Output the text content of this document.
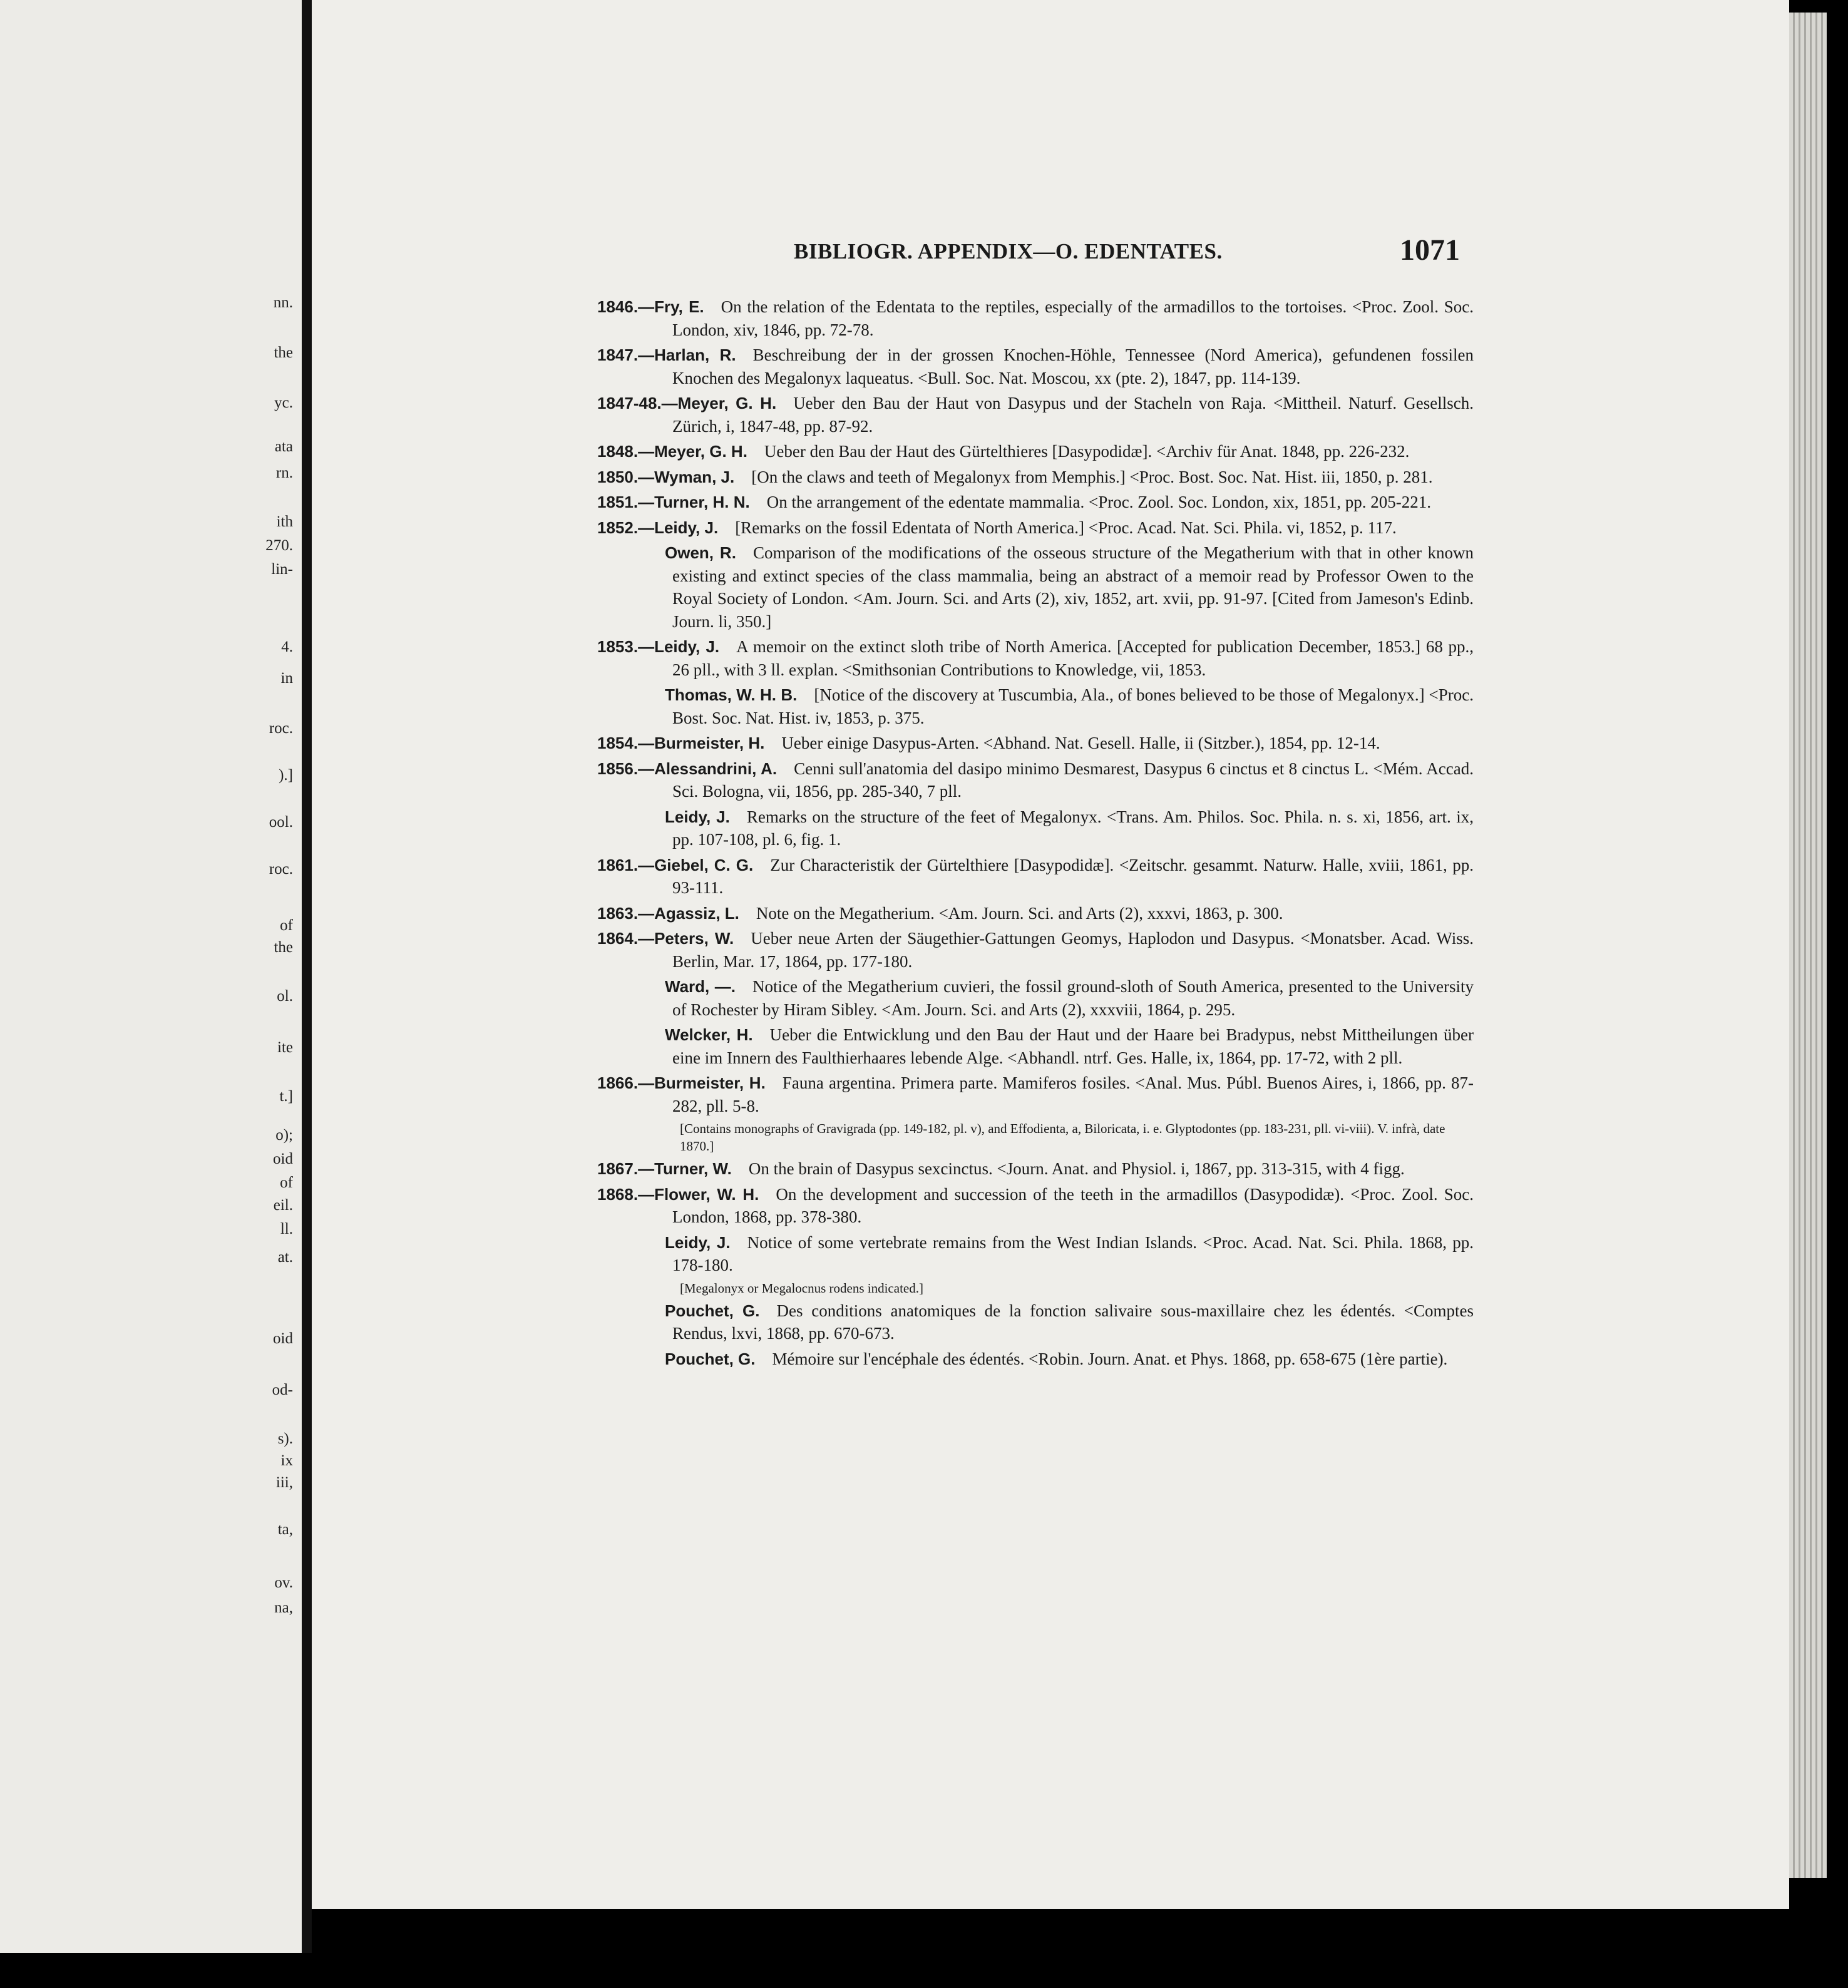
nn.
the
yc.
ata
rn.
ith
270.
lin-
4.
in
roc.
).]
ool.
roc.
of
the
ol.
ite
t.]
o);
oid
of
eil.
ll.
at.
oid
od-
s).
ix
iii,
ta,
ov.
na,
BIBLIOGR. APPENDIX—O. EDENTATES.	1071
1846.—Fry, E.  On the relation of the Edentata to the reptiles, especially of the armadillos to the tortoises. <Proc. Zool. Soc. London, xiv, 1846, pp. 72-78.
1847.—Harlan, R.  Beschreibung der in der grossen Knochen-Höhle, Tennessee (Nord America), gefundenen fossilen Knochen des Megalonyx laqueatus. <Bull. Soc. Nat. Moscou, xx (pte. 2), 1847, pp. 114-139.
1847-48.—Meyer, G. H.  Ueber den Bau der Haut von Dasypus und der Stacheln von Raja. <Mittheil. Naturf. Gesellsch. Zürich, i, 1847-48, pp. 87-92.
1848.—Meyer, G. H.  Ueber den Bau der Haut des Gürtelthieres [Dasypodidæ]. <Archiv für Anat. 1848, pp. 226-232.
1850.—Wyman, J.  [On the claws and teeth of Megalonyx from Memphis.] <Proc. Bost. Soc. Nat. Hist. iii, 1850, p. 281.
1851.—Turner, H. N.  On the arrangement of the edentate mammalia. <Proc. Zool. Soc. London, xix, 1851, pp. 205-221.
1852.—Leidy, J.  [Remarks on the fossil Edentata of North America.] <Proc. Acad. Nat. Sci. Phila. vi, 1852, p. 117.
Owen, R.  Comparison of the modifications of the osseous structure of the Megatherium with that in other known existing and extinct species of the class mammalia, being an abstract of a memoir read by Professor Owen to the Royal Society of London. <Am. Journ. Sci. and Arts (2), xiv, 1852, art. xvii, pp. 91-97. [Cited from Jameson's Edinb. Journ. li, 350.]
1853.—Leidy, J.  A memoir on the extinct sloth tribe of North America. [Accepted for publication December, 1853.] 68 pp., 26 pll., with 3 ll. explan. <Smithsonian Contributions to Knowledge, vii, 1853.
Thomas, W. H. B.  [Notice of the discovery at Tuscumbia, Ala., of bones believed to be those of Megalonyx.] <Proc. Bost. Soc. Nat. Hist. iv, 1853, p. 375.
1854.—Burmeister, H.  Ueber einige Dasypus-Arten. <Abhand. Nat. Gesell. Halle, ii (Sitzber.), 1854, pp. 12-14.
1856.—Alessandrini, A.  Cenni sull'anatomia del dasipo minimo Desmarest, Dasypus 6 cinctus et 8 cinctus L. <Mém. Accad. Sci. Bologna, vii, 1856, pp. 285-340, 7 pll.
Leidy, J.  Remarks on the structure of the feet of Megalonyx. <Trans. Am. Philos. Soc. Phila. n. s. xi, 1856, art. ix, pp. 107-108, pl. 6, fig. 1.
1861.—Giebel, C. G.  Zur Characteristik der Gürtelthiere [Dasypodidæ]. <Zeitschr. gesammt. Naturw. Halle, xviii, 1861, pp. 93-111.
1863.—Agassiz, L.  Note on the Megatherium. <Am. Journ. Sci. and Arts (2), xxxvi, 1863, p. 300.
1864.—Peters, W.  Ueber neue Arten der Säugethier-Gattungen Geomys, Haplodon und Dasypus. <Monatsber. Acad. Wiss. Berlin, Mar. 17, 1864, pp. 177-180.
Ward, —.  Notice of the Megatherium cuvieri, the fossil ground-sloth of South America, presented to the University of Rochester by Hiram Sibley. <Am. Journ. Sci. and Arts (2), xxxviii, 1864, p. 295.
Welcker, H.  Ueber die Entwicklung und den Bau der Haut und der Haare bei Bradypus, nebst Mittheilungen über eine im Innern des Faulthierhaares lebende Alge. <Abhandl. ntrf. Ges. Halle, ix, 1864, pp. 17-72, with 2 pll.
1866.—Burmeister, H.  Fauna argentina. Primera parte. Mamiferos fosiles. <Anal. Mus. Públ. Buenos Aires, i, 1866, pp. 87-282, pll. 5-8.
[Contains monographs of Gravigrada (pp. 149-182, pl. v), and Effodienta, a, Bilоricata, i. e. Glyptodontes (pp. 183-231, pll. vi-viii). V. infrà, date 1870.]
1867.—Turner, W.  On the brain of Dasypus sexcinctus. <Journ. Anat. and Physiol. i, 1867, pp. 313-315, with 4 figg.
1868.—Flower, W. H.  On the development and succession of the teeth in the armadillos (Dasypodidæ). <Proc. Zool. Soc. London, 1868, pp. 378-380.
Leidy, J.  Notice of some vertebrate remains from the West Indian Islands. <Proc. Acad. Nat. Sci. Phila. 1868, pp. 178-180.
[Megalonyx or Megalocnus rodens indicated.]
Pouchet, G.  Des conditions anatomiques de la fonction salivaire sous-maxillaire chez les édentés. <Comptes Rendus, lxvi, 1868, pp. 670-673.
Pouchet, G.  Mémoire sur l'encéphale des édentés. <Robin. Journ. Anat. et Phys. 1868, pp. 658-675 (1ère partie).
